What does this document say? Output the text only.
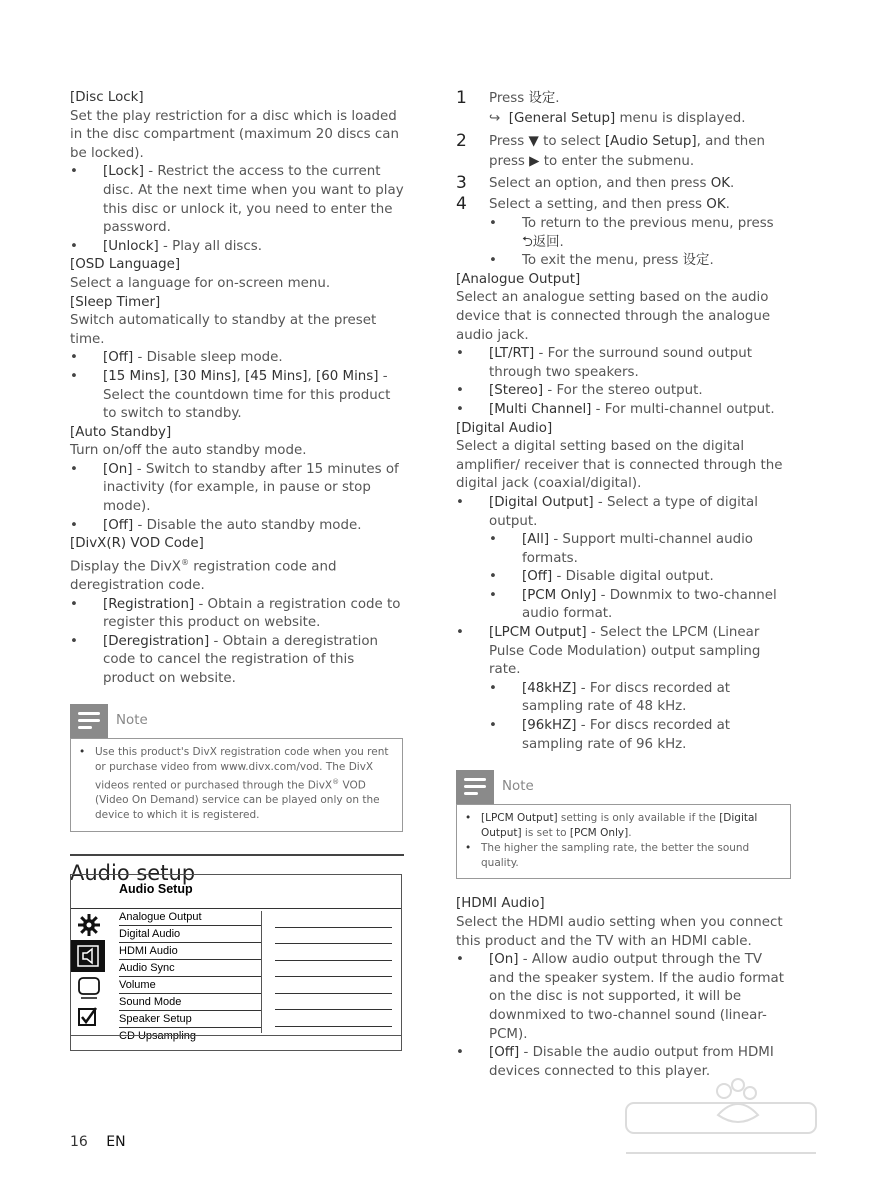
[Disc Lock]

Set the play restriction for a disc which is loaded in the disc compartment (maximum 20 discs can be locked).

• [Lock] - Restrict the access to the current disc. At the next time when you want to play this disc or unlock it, you need to enter the password.
• [Unlock] - Play all discs.

[OSD Language]

Select a language for on-screen menu.

[Sleep Timer]

Switch automatically to standby at the preset time.

• [Off] - Disable sleep mode.
• [15 Mins], [30 Mins], [45 Mins], [60 Mins] - Select the countdown time for this product to switch to standby.

[Auto Standby]

Turn on/off the auto standby mode.

• [On] - Switch to standby after 15 minutes of inactivity (for example, in pause or stop mode).
• [Off] - Disable the auto standby mode.

[DivX(R) VOD Code]

Display the DivX® registration code and deregistration code.

• [Registration] - Obtain a registration code to register this product on website.
• [Deregistration] - Obtain a deregistration code to cancel the registration of this product on website.
Note
• Use this product's DivX registration code when you rent or purchase video from www.divx.com/vod. The DivX videos rented or purchased through the DivX® VOD (Video On Demand) service can be played only on the device to which it is registered.
Audio setup
Audio Setup
Analogue Output
Digital Audio
HDMI Audio
Audio Sync
Volume
Sound Mode
Speaker Setup
CD Upsampling
1 Press 设定.
↪ [General Setup] menu is displayed.
2 Press ▼ to select [Audio Setup], and then press ▶ to enter the submenu.
3 Select an option, and then press OK.
4 Select a setting, and then press OK.
• To return to the previous menu, press
⮌返回.
• To exit the menu, press 设定.

[Analogue Output]

Select an analogue setting based on the audio device that is connected through the analogue audio jack.

• [LT/RT] - For the surround sound output through two speakers.
• [Stereo] - For the stereo output.
• [Multi Channel] - For multi-channel output.

[Digital Audio]

Select a digital setting based on the digital amplifier/ receiver that is connected through the digital jack (coaxial/digital).

• [Digital Output] - Select a type of digital output.
• [All] - Support multi-channel audio formats.
• [Off] - Disable digital output.
• [PCM Only] - Downmix to two-channel audio format.
• [LPCM Output] - Select the LPCM (Linear Pulse Code Modulation) output sampling rate.
• [48kHZ] - For discs recorded at sampling rate of 48 kHz.
• [96kHZ] - For discs recorded at sampling rate of 96 kHz.
Note
• [LPCM Output] setting is only available if the [Digital Output] is set to [PCM Only].
• The higher the sampling rate, the better the sound quality.

[HDMI Audio]

Select the HDMI audio setting when you connect this product and the TV with an HDMI cable.

• [On] - Allow audio output through the TV and the speaker system. If the audio format on the disc is not supported, it will be downmixed to two-channel sound (linear-PCM).
• [Off] - Disable the audio output from HDMI devices connected to this player.
16 EN
